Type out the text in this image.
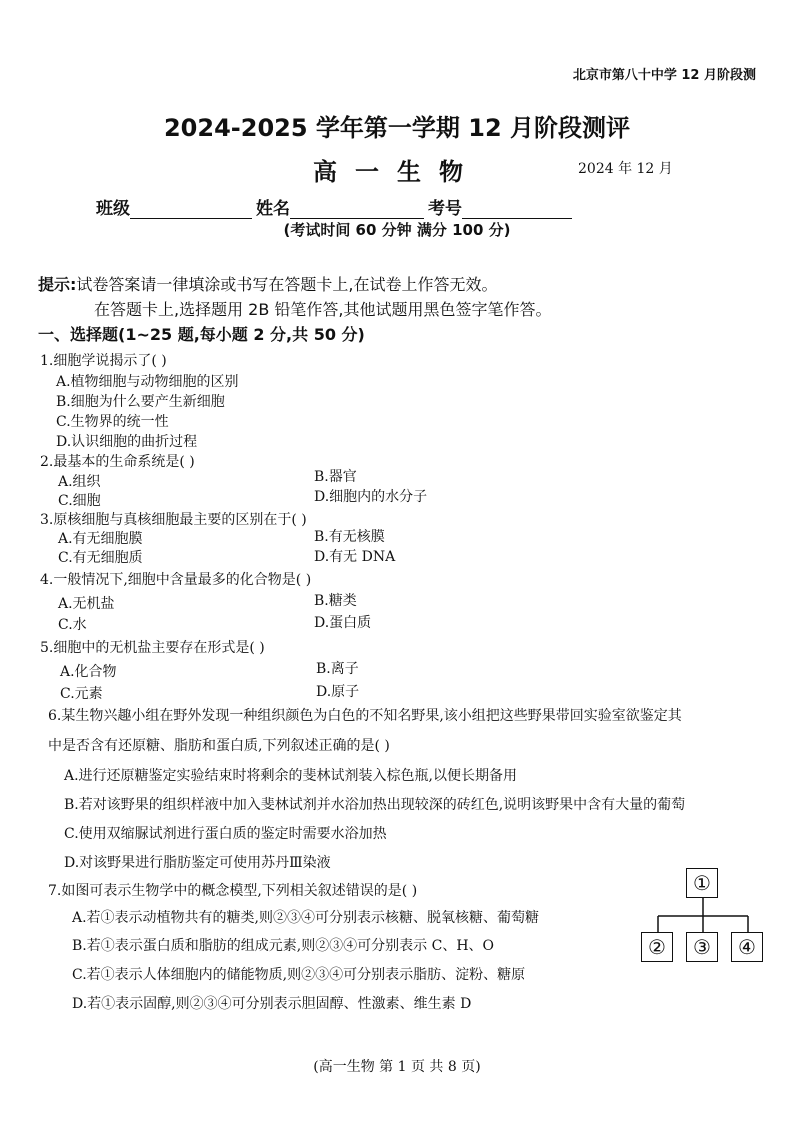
北京市第八十中学 12 月阶段测
2024-2025 学年第一学期 12 月阶段测评
高一生物	2024 年 12 月
班级	姓名	考号
(考试时间 60 分钟 满分 100 分)
提示:试卷答案请一律填涂或书写在答题卡上,在试卷上作答无效。
在答题卡上,选择题用 2B 铅笔作答,其他试题用黑色签字笔作答。
一、选择题(1~25 题,每小题 2 分,共 50 分)
1.细胞学说揭示了( )
A.植物细胞与动物细胞的区别
B.细胞为什么要产生新细胞
C.生物界的统一性
D.认识细胞的曲折过程
2.最基本的生命系统是( )
A.组织	B.器官
C.细胞	D.细胞内的水分子
3.原核细胞与真核细胞最主要的区别在于( )
A.有无细胞膜	B.有无核膜
C.有无细胞质	D.有无 DNA
4.一般情况下,细胞中含量最多的化合物是( )
A.无机盐	B.糖类
C.水	D.蛋白质
5.细胞中的无机盐主要存在形式是( )
A.化合物	B.离子
C.元素	D.原子
6.某生物兴趣小组在野外发现一种组织颜色为白色的不知名野果,该小组把这些野果带回实验室欲鉴定其
中是否含有还原糖、脂肪和蛋白质,下列叙述正确的是( )
A.进行还原糖鉴定实验结束时将剩余的斐林试剂装入棕色瓶,以便长期备用
B.若对该野果的组织样液中加入斐林试剂并水浴加热出现较深的砖红色,说明该野果中含有大量的葡萄
C.使用双缩脲试剂进行蛋白质的鉴定时需要水浴加热
D.对该野果进行脂肪鉴定可使用苏丹Ⅲ染液
7.如图可表示生物学中的概念模型,下列相关叙述错误的是( )
A.若①表示动植物共有的糖类,则②③④可分别表示核糖、脱氧核糖、葡萄糖
B.若①表示蛋白质和脂肪的组成元素,则②③④可分别表示 C、H、O
C.若①表示人体细胞内的储能物质,则②③④可分别表示脂肪、淀粉、糖原
D.若①表示固醇,则②③④可分别表示胆固醇、性激素、维生素 D
①
②	③	④
(高一生物 第 1 页 共 8 页)
